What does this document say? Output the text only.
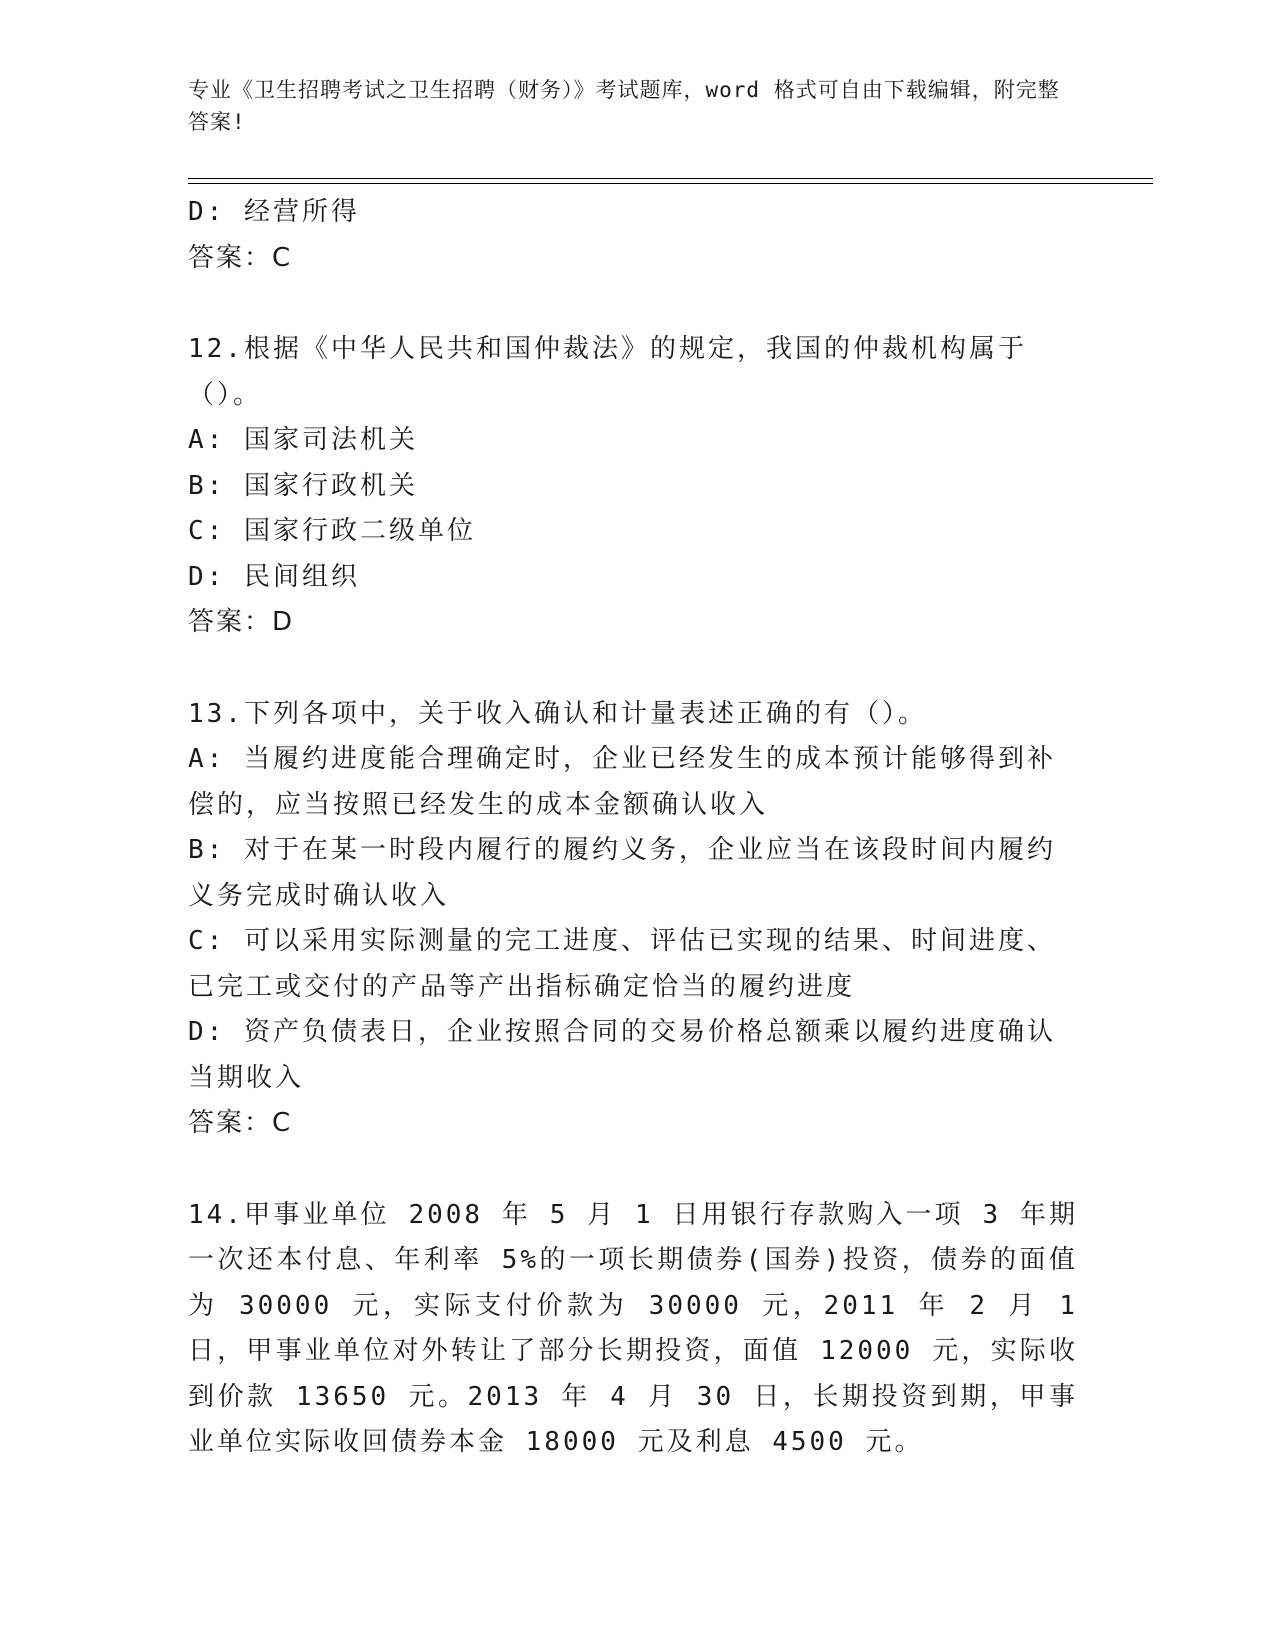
专业《卫生招聘考试之卫生招聘（财务）》考试题库，word 格式可自由下载编辑，附完整答案!
D: 经营所得
答案：C
12.根据《中华人民共和国仲裁法》的规定，我国的仲裁机构属于（）。
A: 国家司法机关
B: 国家行政机关
C: 国家行政二级单位
D: 民间组织
答案：D
13.下列各项中，关于收入确认和计量表述正确的有（）。
A: 当履约进度能合理确定时，企业已经发生的成本预计能够得到补偿的，应当按照已经发生的成本金额确认收入
B: 对于在某一时段内履行的履约义务，企业应当在该段时间内履约义务完成时确认收入
C: 可以采用实际测量的完工进度、评估已实现的结果、时间进度、已完工或交付的产品等产出指标确定恰当的履约进度
D: 资产负债表日，企业按照合同的交易价格总额乘以履约进度确认当期收入
答案：C
14.甲事业单位 2008 年 5 月 1 日用银行存款购入一项 3 年期一次还本付息、年利率 5%的一项长期债券(国券)投资，债券的面值为 30000 元，实际支付价款为 30000 元，2011 年 2 月 1 日，甲事业单位对外转让了部分长期投资，面值 12000 元，实际收到价款 13650 元。2013 年 4 月 30 日，长期投资到期，甲事业单位实际收回债券本金 18000 元及利息 4500 元。
